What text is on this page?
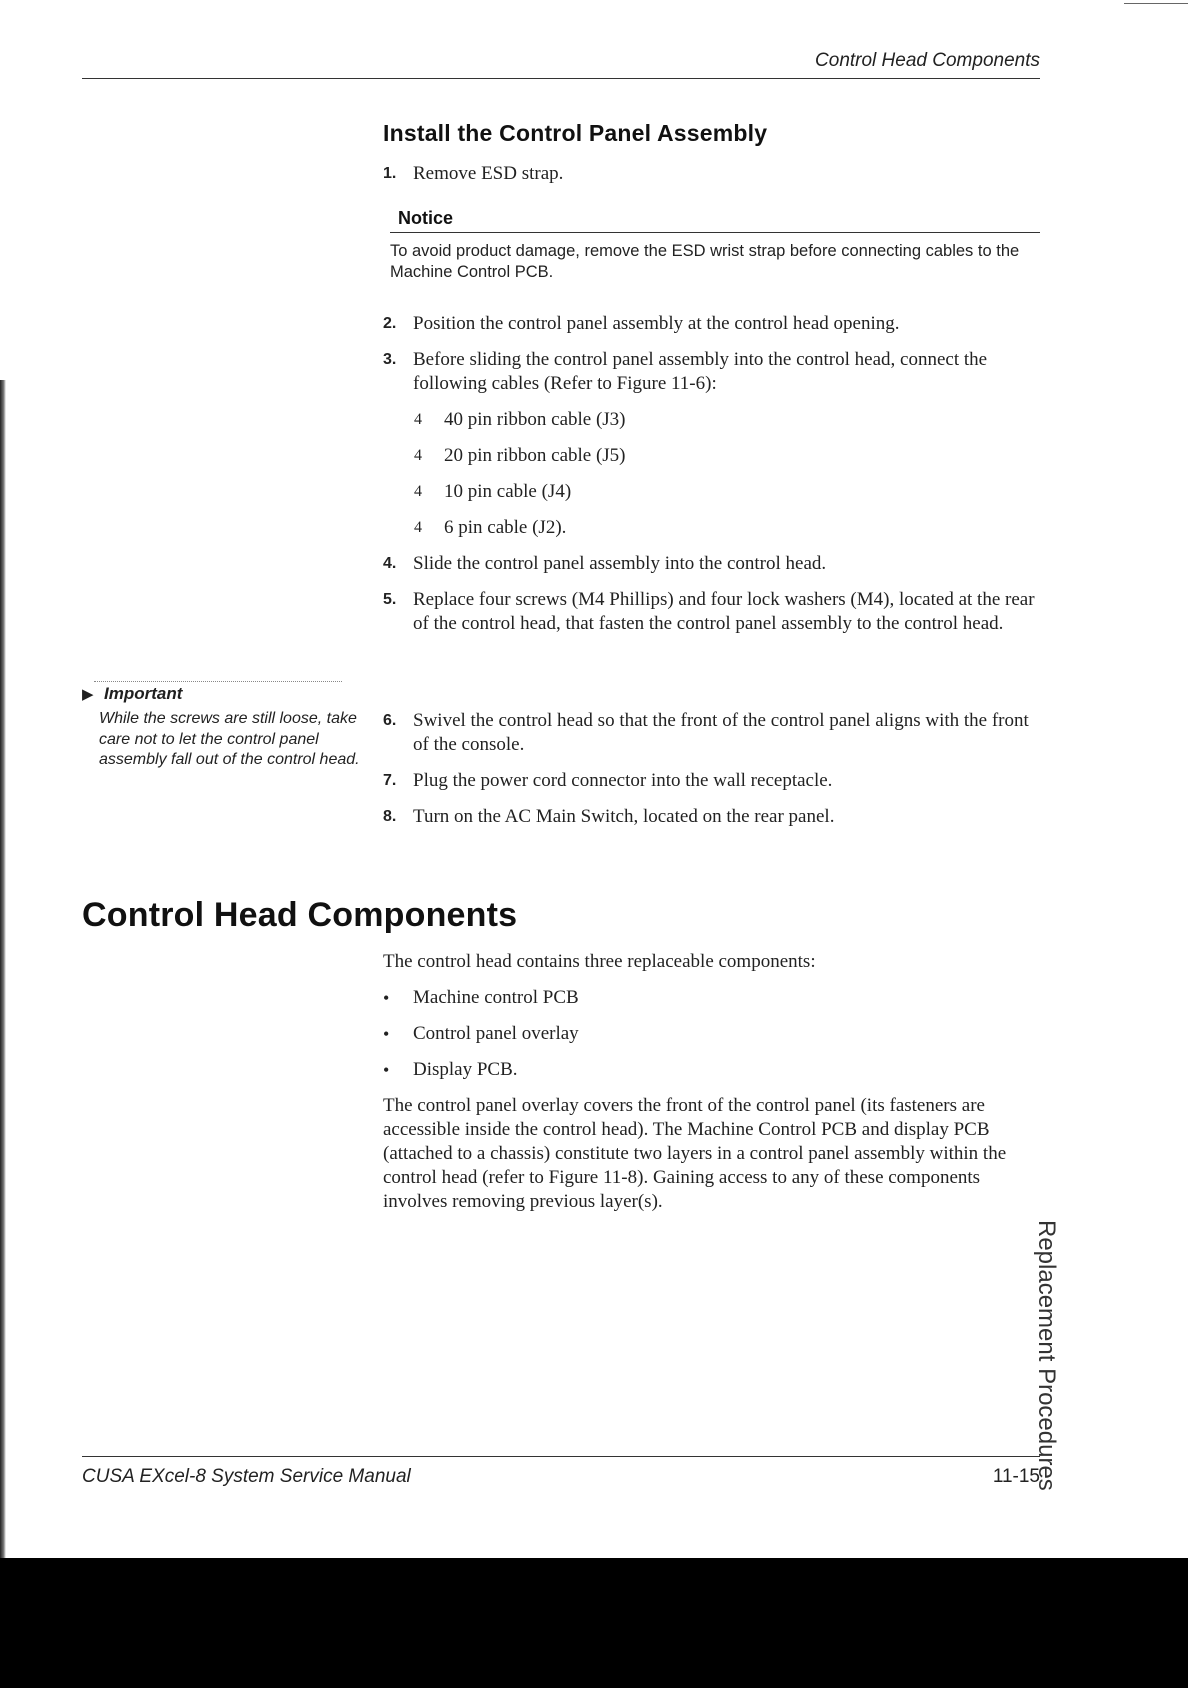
Control Head Components
Install the Control Panel Assembly
1. Remove ESD strap.
Notice
To avoid product damage, remove the ESD wrist strap before connecting cables to the Machine Control PCB.
2. Position the control panel assembly at the control head opening.
3. Before sliding the control panel assembly into the control head, connect the following cables (Refer to Figure 11-6):
4 40 pin ribbon cable (J3)
4 20 pin ribbon cable (J5)
4 10 pin cable (J4)
4 6 pin cable (J2).
4. Slide the control panel assembly into the control head.
5. Replace four screws (M4 Phillips) and four lock washers (M4), located at the rear of the control head, that fasten the control panel assembly to the control head.
▶ Important
While the screws are still loose, take care not to let the control panel assembly fall out of the control head.
6. Swivel the control head so that the front of the control panel aligns with the front of the console.
7. Plug the power cord connector into the wall receptacle.
8. Turn on the AC Main Switch, located on the rear panel.
Control Head Components
The control head contains three replaceable components:
• Machine control PCB
• Control panel overlay
• Display PCB.
The control panel overlay covers the front of the control panel (its fasteners are accessible inside the control head). The Machine Control PCB and display PCB (attached to a chassis) constitute two layers in a control panel assembly within the control head (refer to Figure 11-8). Gaining access to any of these components involves removing previous layer(s).
Replacement Procedures
CUSA EXcel-8 System Service Manual	11-15
